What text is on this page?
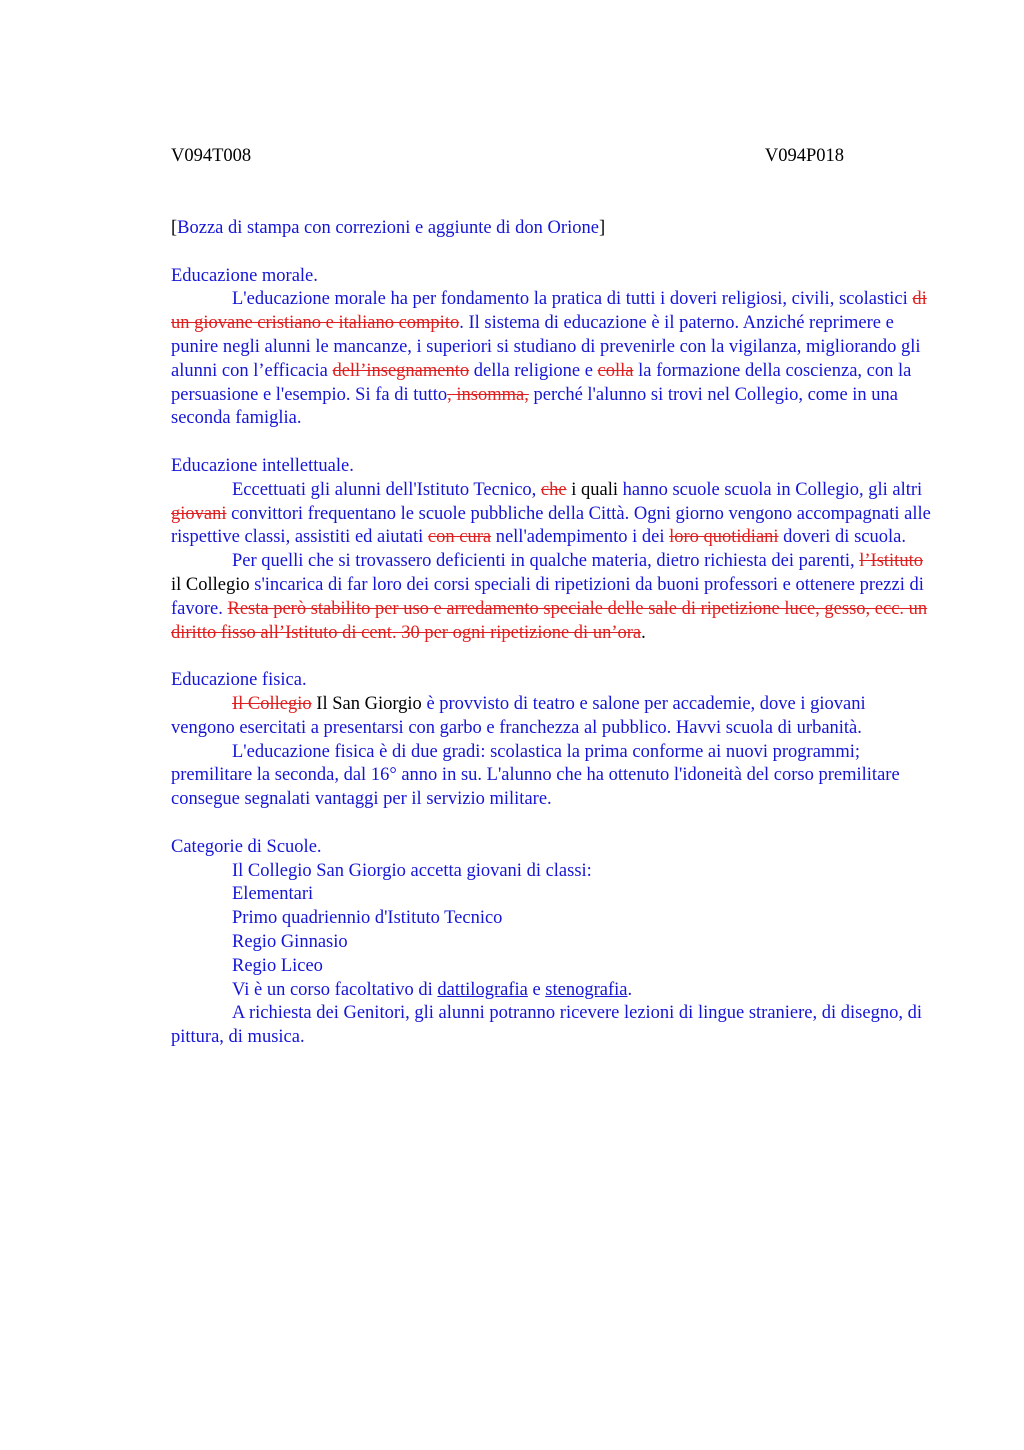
V094T008	V094P018

[Bozza di stampa con correzioni e aggiunte di don Orione]

Educazione morale.

L'educazione morale ha per fondamento la pratica di tutti i doveri religiosi, civili, scolastici di un giovane cristiano e italiano compito. Il sistema di educazione è il paterno. Anziché reprimere e punire negli alunni le mancanze, i superiori si studiano di prevenirle con la vigilanza, migliorando gli alunni con l’efficacia dell’insegnamento della religione e colla la formazione della coscienza, con la persuasione e l'esempio. Si fa di tutto, insomma, perché l'alunno si trovi nel Collegio, come in una seconda famiglia.

Educazione intellettuale.

Eccettuati gli alunni dell'Istituto Tecnico, che i quali hanno scuole scuola in Collegio, gli altri giovani convittori frequentano le scuole pubbliche della Città. Ogni giorno vengono accompagnati alle rispettive classi, assistiti ed aiutati con cura nell'adempimento i dei loro quotidiani doveri di scuola.

Per quelli che si trovassero deficienti in qualche materia, dietro richiesta dei parenti, l’Istituto il Collegio s'incarica di far loro dei corsi speciali di ripetizioni da buoni professori e ottenere prezzi di favore. Resta però stabilito per uso e arredamento speciale delle sale di ripetizione luce, gesso, ecc. un diritto fisso all’Istituto di cent. 30 per ogni ripetizione di un’ora.

Educazione fisica.

Il Collegio Il San Giorgio è provvisto di teatro e salone per accademie, dove i giovani vengono esercitati a presentarsi con garbo e franchezza al pubblico. Havvi scuola di urbanità.

L'educazione fisica è di due gradi: scolastica la prima conforme ai nuovi programmi; premilitare la seconda, dal 16° anno in su. L'alunno che ha ottenuto l'idoneità del corso premilitare consegue segnalati vantaggi per il servizio militare.

Categorie di Scuole.

Il Collegio San Giorgio accetta giovani di classi:

Elementari

Primo quadriennio d'Istituto Tecnico

Regio Ginnasio

Regio Liceo

Vi è un corso facoltativo di dattilografia e stenografia.

A richiesta dei Genitori, gli alunni potranno ricevere lezioni di lingue straniere, di disegno, di pittura, di musica.
